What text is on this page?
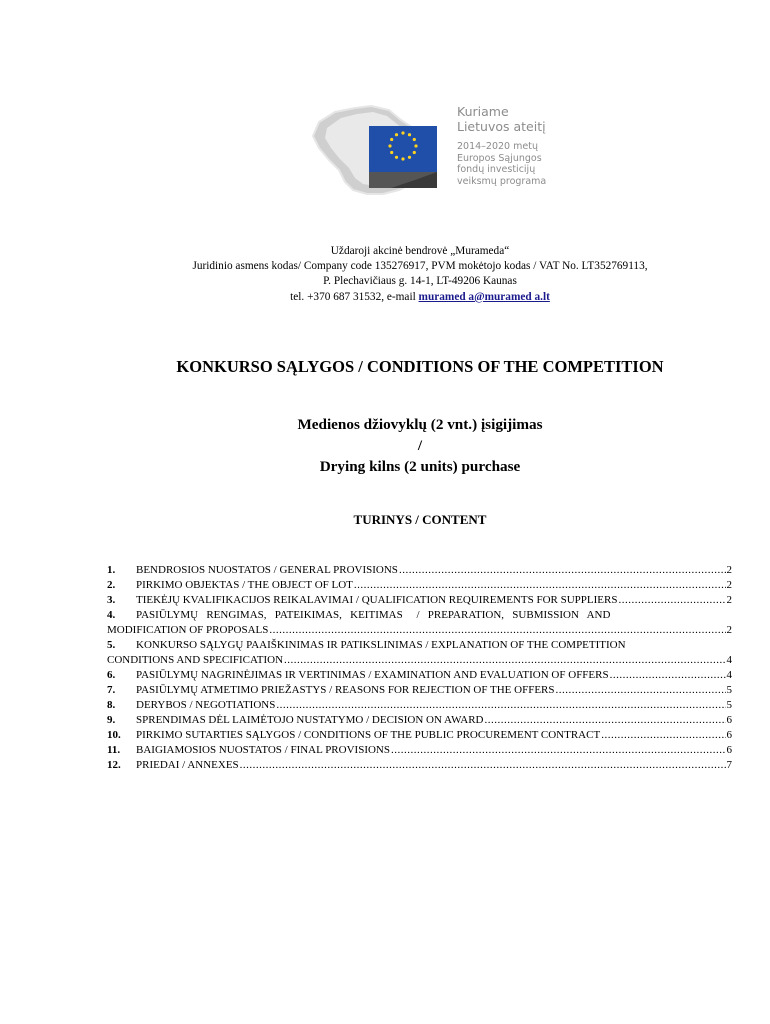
Kuriame
Lietuvos ateitį
2014–2020 metų
Europos Sąjungos
fondų investicijų
veiksmų programa
Uždaroji akcinė bendrovė „Murameda“
Juridinio asmens kodas/ Company code 135276917, PVM mokėtojo kodas / VAT No. LT352769113,
P. Plechavičiaus g. 14-1, LT-49206 Kaunas
tel. +370 687 31532, e-mail muramed a@muramed a.lt
KONKURSO SĄLYGOS / CONDITIONS OF THE COMPETITION
Medienos džiovyklų (2 vnt.) įsigijimas
/
Drying kilns (2 units) purchase
TURINYS / CONTENT
1.	BENDROSIOS NUOSTATOS / GENERAL PROVISIONS .....	2
2.	PIRKIMO OBJEKTAS / THE OBJECT OF LOT .....	2
3.	TIEKĖJŲ KVALIFIKACIJOS REIKALAVIMAI / QUALIFICATION REQUIREMENTS FOR SUPPLIERS .....	2
4.	PASIŪLYMŲ   RENGIMAS,   PATEIKIMAS,   KEITIMAS     /   PREPARATION,   SUBMISSION   AND
MODIFICATION OF PROPOSALS .....	2
5.	KONKURSO SĄLYGŲ PAAIŠKINIMAS IR PATIKSLINIMAS / EXPLANATION OF THE COMPETITION
CONDITIONS AND SPECIFICATION .....	4
6.	PASIŪLYMŲ NAGRINĖJIMAS IR VERTINIMAS / EXAMINATION AND EVALUATION OF OFFERS .....	4
7.	PASIŪLYMŲ ATMETIMO PRIEŽASTYS / REASONS FOR REJECTION OF THE OFFERS .....	5
8.	DERYBOS / NEGOTIATIONS .....	5
9.	SPRENDIMAS DĖL LAIMĖTOJO NUSTATYMO / DECISION ON AWARD .....	6
10.	PIRKIMO SUTARTIES SĄLYGOS / CONDITIONS OF THE PUBLIC PROCUREMENT CONTRACT .....	6
11.	BAIGIAMOSIOS NUOSTATOS / FINAL PROVISIONS .....	6
12.	PRIEDAI / ANNEXES .....	7
